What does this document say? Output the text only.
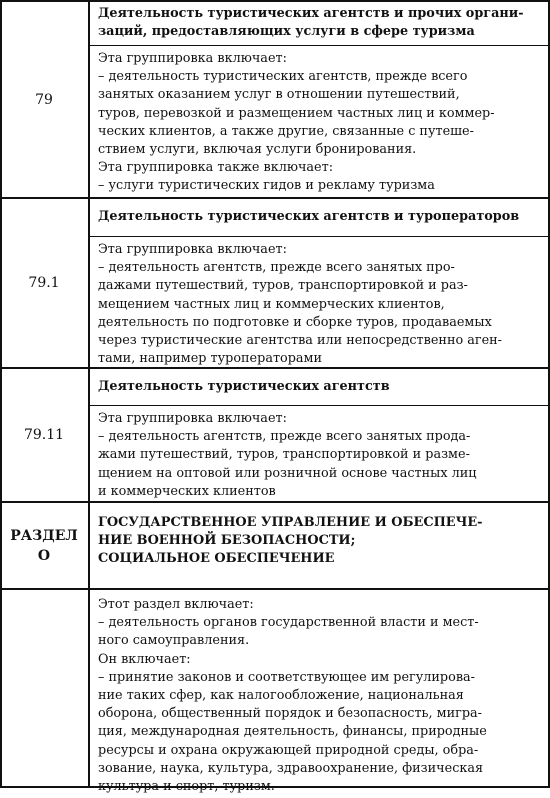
79
Деятельность туристических агентств и прочих органи-
заций, предоставляющих услуги в сфере туризма
Эта группировка включает:
– деятельность туристических агентств, прежде всего
занятых оказанием услуг в отношении путешествий,
туров, перевозкой и размещением частных лиц и коммер-
ческих клиентов, а также другие, связанные с путеше-
ствием услуги, включая услуги бронирования.
Эта группировка также включает:
– услуги туристических гидов и рекламу туризма
79.1
Деятельность туристических агентств и туроператоров
Эта группировка включает:
– деятельность агентств, прежде всего занятых про-
дажами путешествий, туров, транспортировкой и раз-
мещением частных лиц и коммерческих клиентов,
деятельность по подготовке и сборке туров, продаваемых
через туристические агентства или непосредственно аген-
тами, например туроператорами
79.11
Деятельность туристических агентств
Эта группировка включает:
– деятельность агентств, прежде всего занятых прода-
жами путешествий, туров, транспортировкой и разме-
щением на оптовой или розничной основе частных лиц
и коммерческих клиентов
РАЗДЕЛ
O
ГОСУДАРСТВЕННОЕ УПРАВЛЕНИЕ И ОБЕСПЕЧЕ-
НИЕ ВОЕННОЙ БЕЗОПАСНОСТИ;
СОЦИАЛЬНОЕ ОБЕСПЕЧЕНИЕ
Этот раздел включает:
– деятельность органов государственной власти и мест-
ного самоуправления.
Он включает:
– принятие законов и соответствующее им регулирова-
ние таких сфер, как налогообложение, национальная
оборона, общественный порядок и безопасность, мигра-
ция, международная деятельность, финансы, природные
ресурсы и охрана окружающей природной среды, обра-
зование, наука, культура, здравоохранение, физическая
культура и спорт, туризм.
